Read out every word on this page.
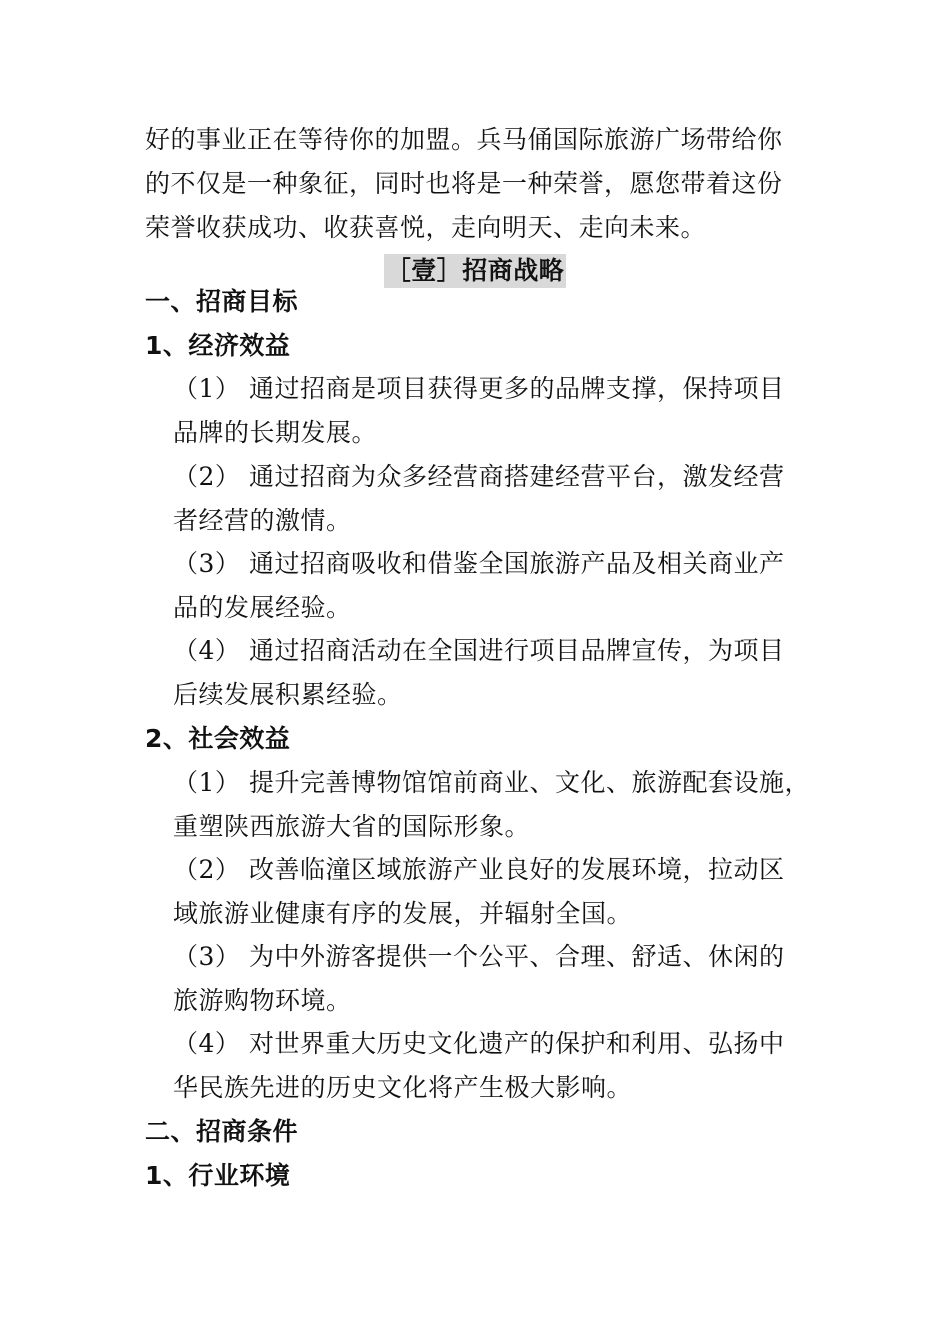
好的事业正在等待你的加盟。兵马俑国际旅游广场带给你
的不仅是一种象征，同时也将是一种荣誉，愿您带着这份
荣誉收获成功、收获喜悦，走向明天、走向未来。
［壹］招商战略
一、招商目标
1、经济效益
（1） 通过招商是项目获得更多的品牌支撑，保持项目
品牌的长期发展。
（2） 通过招商为众多经营商搭建经营平台，激发经营
者经营的激情。
（3） 通过招商吸收和借鉴全国旅游产品及相关商业产
品的发展经验。
（4） 通过招商活动在全国进行项目品牌宣传，为项目
后续发展积累经验。
2、社会效益
（1） 提升完善博物馆馆前商业、文化、旅游配套设施，
重塑陕西旅游大省的国际形象。
（2） 改善临潼区域旅游产业良好的发展环境，拉动区
域旅游业健康有序的发展，并辐射全国。
（3） 为中外游客提供一个公平、合理、舒适、休闲的
旅游购物环境。
（4） 对世界重大历史文化遗产的保护和利用、弘扬中
华民族先进的历史文化将产生极大影响。
二、招商条件
1、行业环境
